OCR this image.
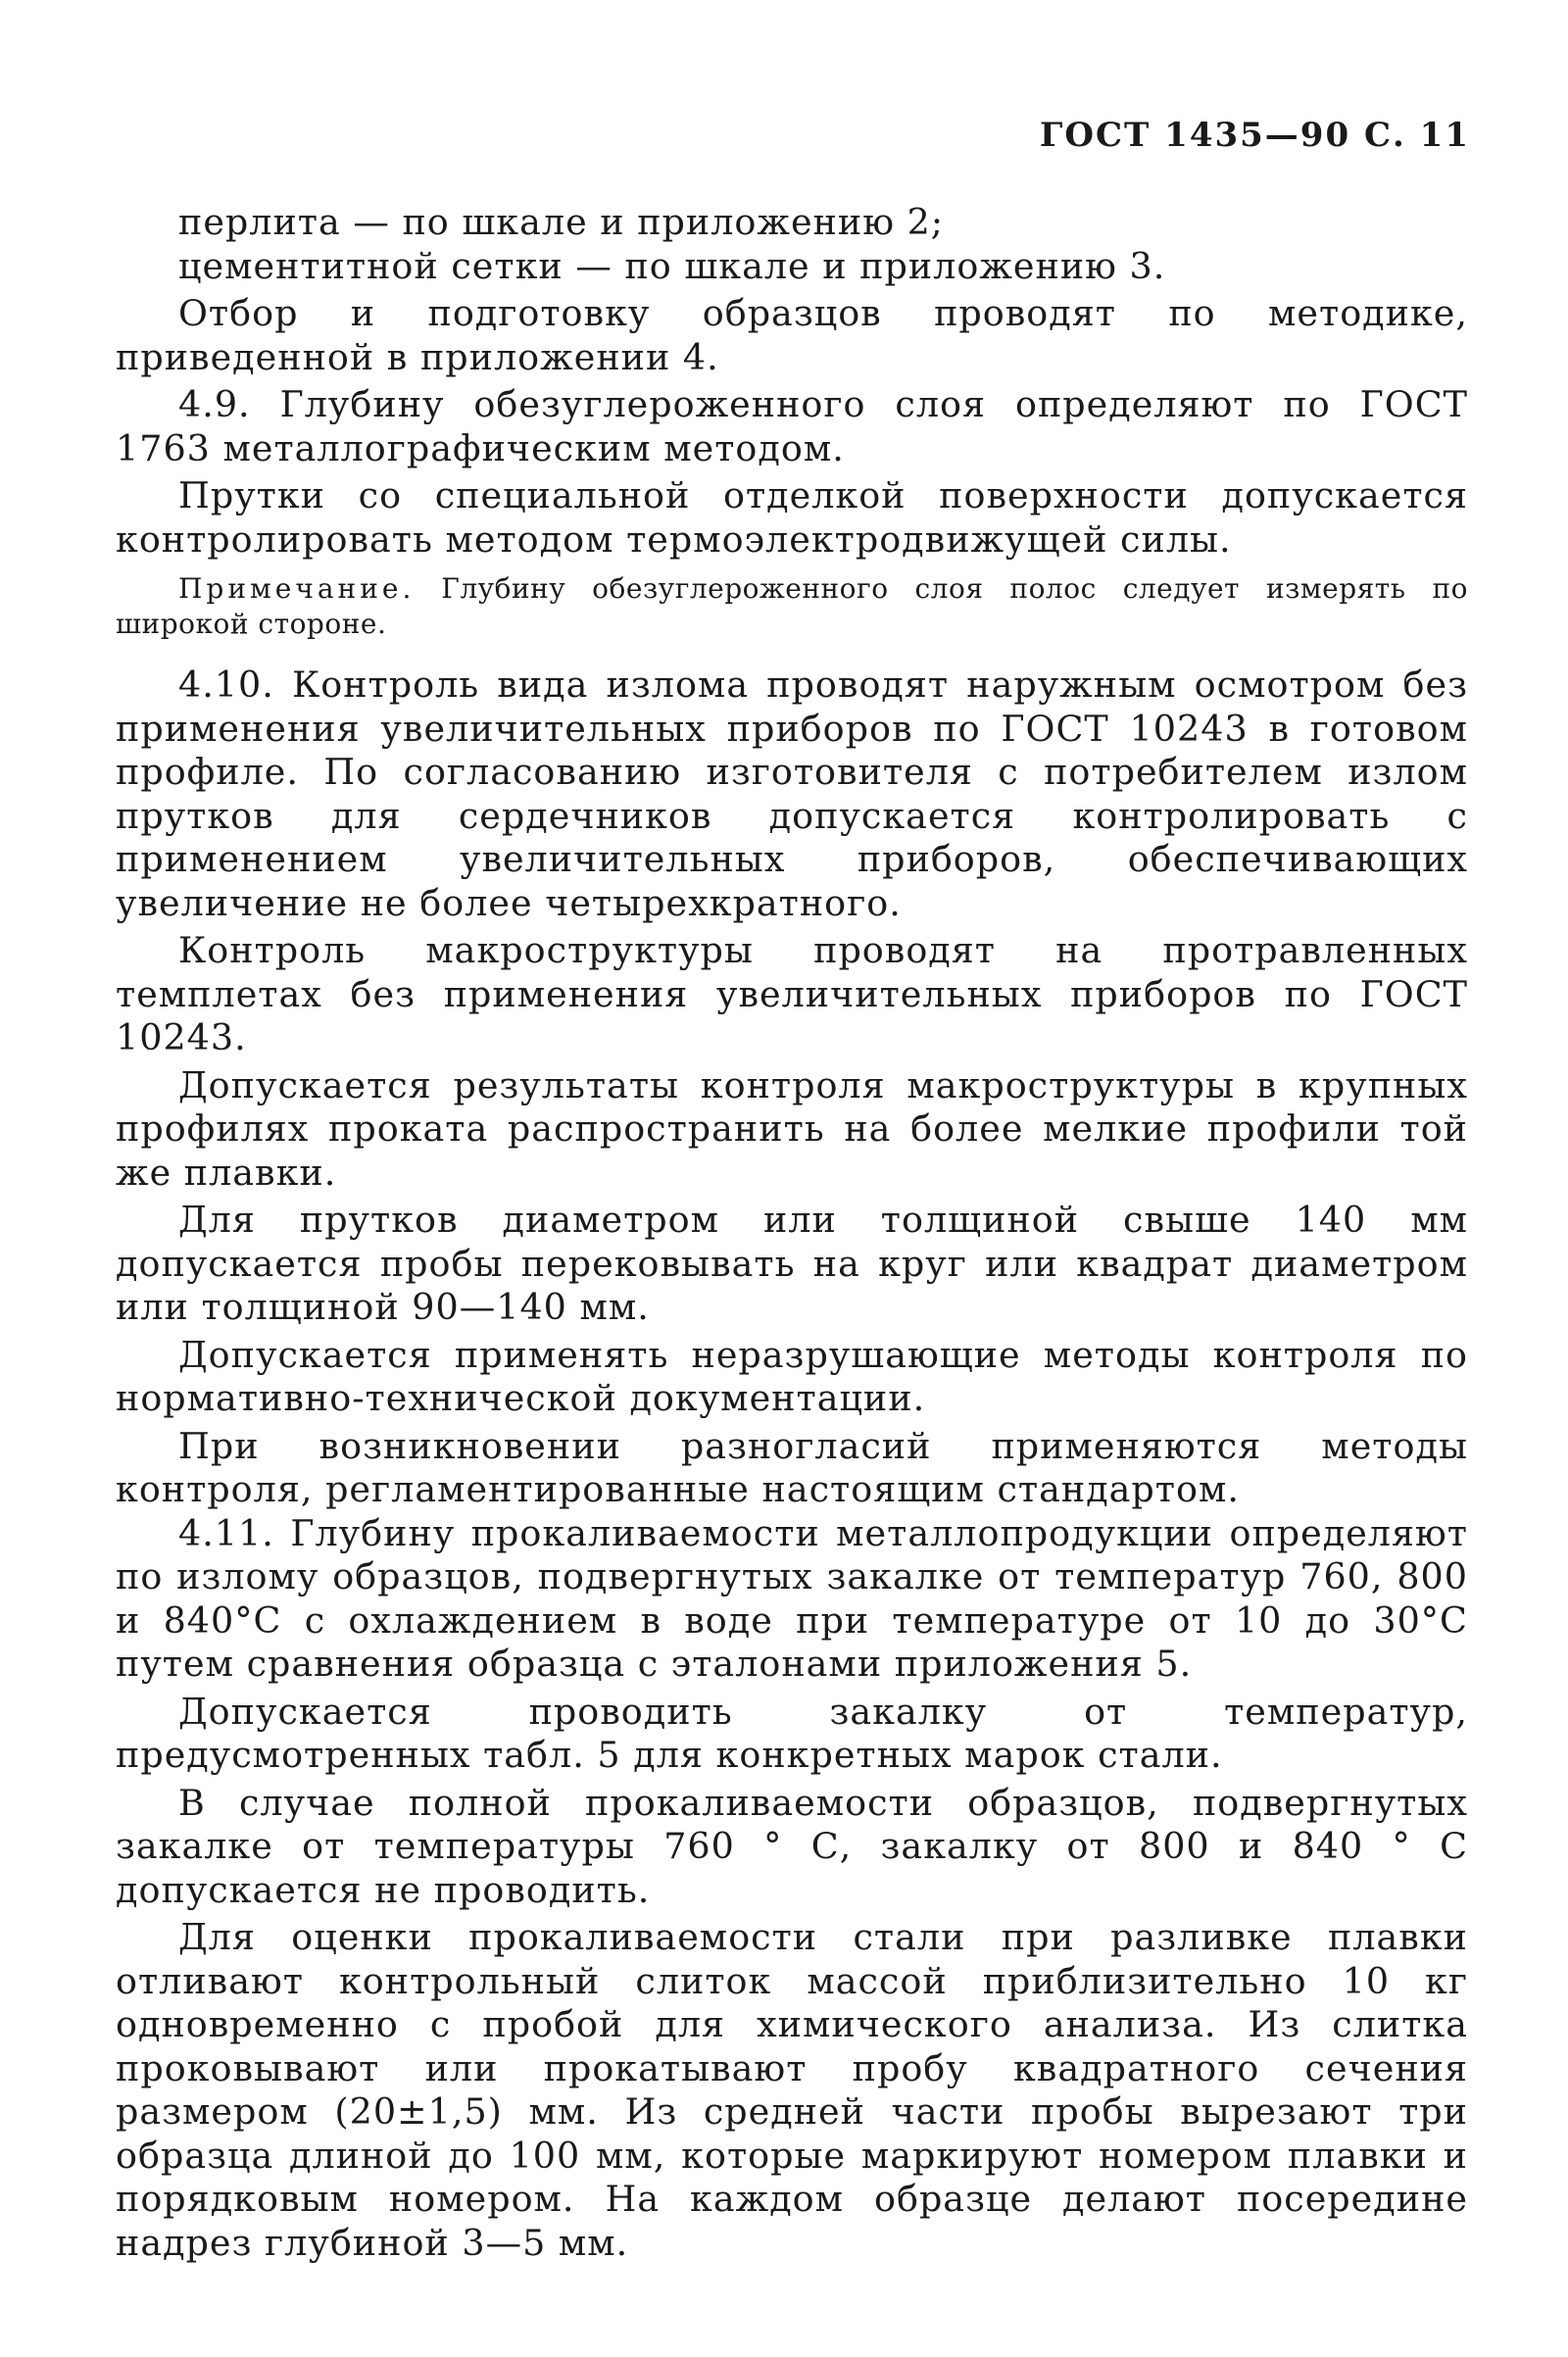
ГОСТ 1435—90 С. 11

перлита — по шкале и приложению 2;

цементитной сетки — по шкале и приложению 3.

Отбор и подготовку образцов проводят по методике, приведенной в приложении 4.

4.9. Глубину обезуглероженного слоя определяют по ГОСТ 1763 металлографическим методом.

Прутки со специальной отделкой поверхности допускается контролировать методом термоэлектродвижущей силы.

Примечание. Глубину обезуглероженного слоя полос следует измерять по широкой стороне.

4.10. Контроль вида излома проводят наружным осмотром без применения увеличительных приборов по ГОСТ 10243 в готовом профиле. По согласованию изготовителя с потребителем излом прутков для сердечников допускается контролировать с применением увеличительных приборов, обеспечивающих увеличение не более четырехкратного.

Контроль макроструктуры проводят на протравленных темплетах без применения увеличительных приборов по ГОСТ 10243.

Допускается результаты контроля макроструктуры в крупных профилях проката распространить на более мелкие профили той же плавки.

Для прутков диаметром или толщиной свыше 140 мм допускается пробы перековывать на круг или квадрат диаметром или толщиной 90—140 мм.

Допускается применять неразрушающие методы контроля по нормативно-технической документации.

При возникновении разногласий применяются методы контроля, регламентированные настоящим стандартом.

4.11. Глубину прокаливаемости металлопродукции определяют по излому образцов, подвергнутых закалке от температур 760, 800 и 840°C с охлаждением в воде при температуре от 10 до 30°C путем сравнения образца с эталонами приложения 5.

Допускается проводить закалку от температур, предусмотренных табл. 5 для конкретных марок стали.

В случае полной прокаливаемости образцов, подвергнутых закалке от температуры 760 ° С, закалку от 800 и 840 ° С допускается не проводить.

Для оценки прокаливаемости стали при разливке плавки отливают контрольный слиток массой приблизительно 10 кг одновременно с пробой для химического анализа. Из слитка проковывают или прокатывают пробу квадратного сечения размером (20±1,5) мм. Из средней части пробы вырезают три образца длиной до 100 мм, которые маркируют номером плавки и порядковым номером. На каждом образце делают посередине надрез глубиной 3—5 мм.
